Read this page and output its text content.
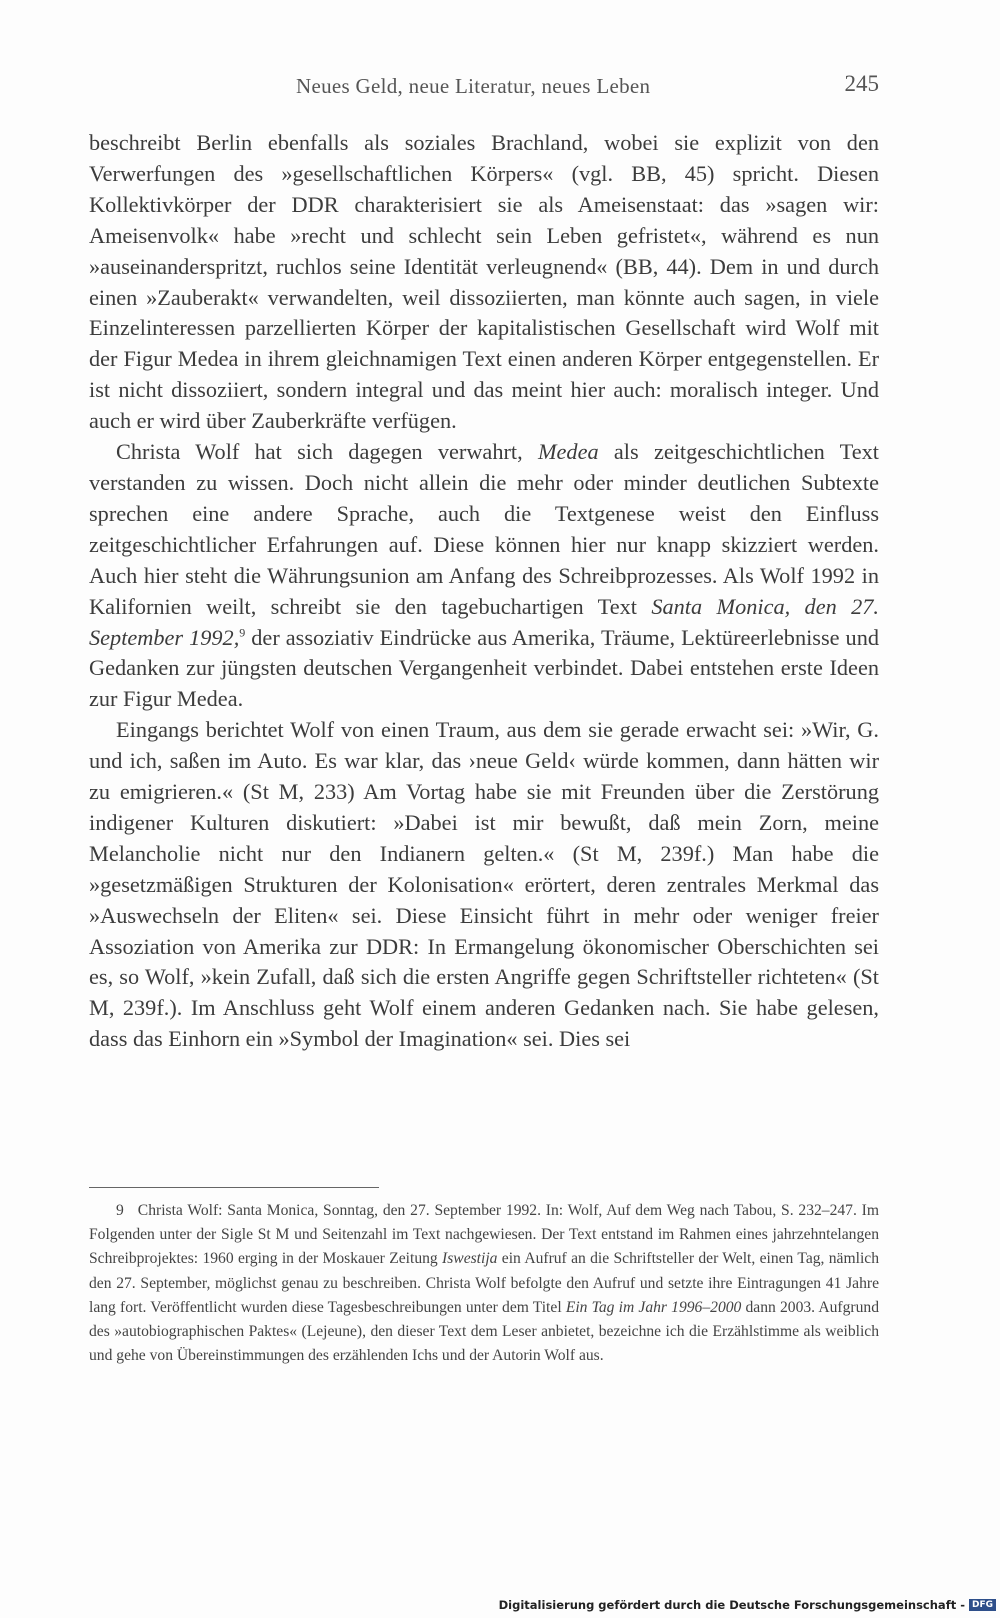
Neues Geld, neue Literatur, neues Leben	245

beschreibt Berlin ebenfalls als soziales Brachland, wobei sie explizit von den Verwerfungen des »gesellschaftlichen Körpers« (vgl. BB, 45) spricht. Diesen Kollektivkörper der DDR charakterisiert sie als Ameisenstaat: das »sagen wir: Ameisenvolk« habe »recht und schlecht sein Leben gefristet«, während es nun »auseinanderspritzt, ruchlos seine Identität verleugnend« (BB, 44). Dem in und durch einen »Zauberakt« verwandelten, weil dissoziierten, man könnte auch sagen, in viele Einzelinteressen parzellierten Körper der kapitalistischen Gesellschaft wird Wolf mit der Figur Medea in ihrem gleichnamigen Text einen anderen Körper entgegenstellen. Er ist nicht dissoziiert, sondern integral und das meint hier auch: moralisch integer. Und auch er wird über Zauberkräfte verfügen.

Christa Wolf hat sich dagegen verwahrt, Medea als zeitgeschichtlichen Text verstanden zu wissen. Doch nicht allein die mehr oder minder deutlichen Subtexte sprechen eine andere Sprache, auch die Textgenese weist den Einfluss zeitgeschichtlicher Erfahrungen auf. Diese können hier nur knapp skizziert werden. Auch hier steht die Währungsunion am Anfang des Schreibprozesses. Als Wolf 1992 in Kalifornien weilt, schreibt sie den tagebuchartigen Text Santa Monica, den 27. September 1992,$^9$ der assoziativ Eindrücke aus Amerika, Träume, Lektüreerlebnisse und Gedanken zur jüngsten deutschen Vergangenheit verbindet. Dabei entstehen erste Ideen zur Figur Medea.

Eingangs berichtet Wolf von einen Traum, aus dem sie gerade erwacht sei: »Wir, G. und ich, saßen im Auto. Es war klar, das ›neue Geld‹ würde kommen, dann hätten wir zu emigrieren.« (St M, 233) Am Vortag habe sie mit Freunden über die Zerstörung indigener Kulturen diskutiert: »Dabei ist mir bewußt, daß mein Zorn, meine Melancholie nicht nur den Indianern gelten.« (St M, 239f.) Man habe die »gesetzmäßigen Strukturen der Kolonisation« erörtert, deren zentrales Merkmal das »Auswechseln der Eliten« sei. Diese Einsicht führt in mehr oder weniger freier Assoziation von Amerika zur DDR: In Ermangelung ökonomischer Oberschichten sei es, so Wolf, »kein Zufall, daß sich die ersten Angriffe gegen Schriftsteller richteten« (St M, 239f.). Im Anschluss geht Wolf einem anderen Gedanken nach. Sie habe gelesen, dass das Einhorn ein »Symbol der Imagination« sei. Dies sei

9 Christa Wolf: Santa Monica, Sonntag, den 27. September 1992. In: Wolf, Auf dem Weg nach Tabou, S. 232–247. Im Folgenden unter der Sigle St M und Seitenzahl im Text nachgewiesen. Der Text entstand im Rahmen eines jahrzehntelangen Schreibprojektes: 1960 erging in der Moskauer Zeitung Iswestija ein Aufruf an die Schriftsteller der Welt, einen Tag, nämlich den 27. September, möglichst genau zu beschreiben. Christa Wolf befolgte den Aufruf und setzte ihre Eintragungen 41 Jahre lang fort. Veröffentlicht wurden diese Tagesbeschreibungen unter dem Titel Ein Tag im Jahr 1996–2000 dann 2003. Aufgrund des »autobiographischen Paktes« (Lejeune), den dieser Text dem Leser anbietet, bezeichne ich die Erzählstimme als weiblich und gehe von Übereinstimmungen des erzählenden Ichs und der Autorin Wolf aus.

Digitalisierung gefördert durch die Deutsche Forschungsgemeinschaft - DFG
